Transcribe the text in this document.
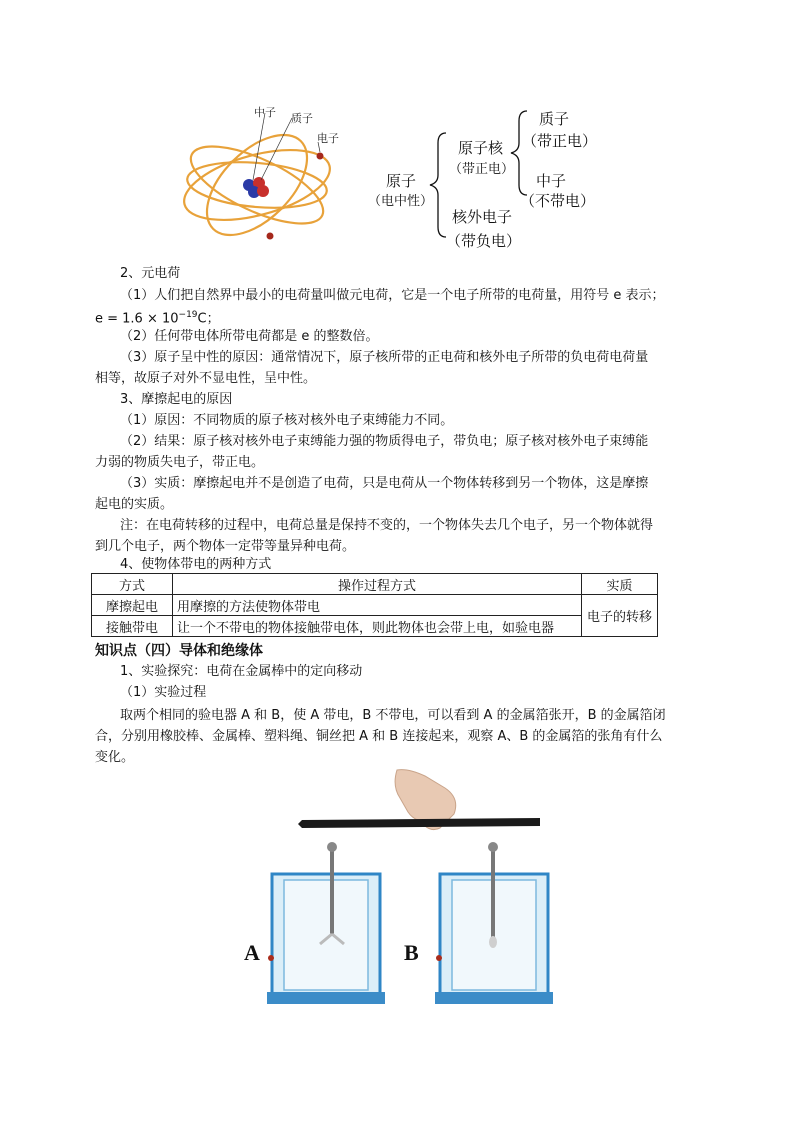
中子 质子
电子
原子
（电中性）
原子核
（带正电）
质子
（带正电）
中子
（不带电）
核外电子
（带负电）
2、元电荷
（1）人们把自然界中最小的电荷量叫做元电荷，它是一个电子所带的电荷量，用符号 e 表示；
$e = 1.6 \times 10^{-19}C$；
（2）任何带电体所带电荷都是 e 的整数倍。
（3）原子呈中性的原因：通常情况下，原子核所带的正电荷和核外电子所带的负电荷电荷量
相等，故原子对外不显电性，呈中性。
3、摩擦起电的原因
（1）原因：不同物质的原子核对核外电子束缚能力不同。
（2）结果：原子核对核外电子束缚能力强的物质得电子，带负电；原子核对核外电子束缚能
力弱的物质失电子，带正电。
（3）实质：摩擦起电并不是创造了电荷，只是电荷从一个物体转移到另一个物体，这是摩擦
起电的实质。
注：在电荷转移的过程中，电荷总量是保持不变的，一个物体失去几个电子，另一个物体就得
到几个电子，两个物体一定带等量异种电荷。
4、使物体带电的两种方式
方式	操作过程方式	实质
摩擦起电	用摩擦的方法使物体带电	电子的转移
接触带电	让一个不带电的物体接触带电体，则此物体也会带上电，如验电器	
知识点（四）导体和绝缘体
1、实验探究：电荷在金属棒中的定向移动
（1）实验过程
取两个相同的验电器 A 和 B，使 A 带电，B 不带电，可以看到 A 的金属箔张开，B 的金属箔闭
合，分别用橡胶棒、金属棒、塑料绳、铜丝把 A 和 B 连接起来，观察 A、B 的金属箔的张角有什么
变化。
A	B
